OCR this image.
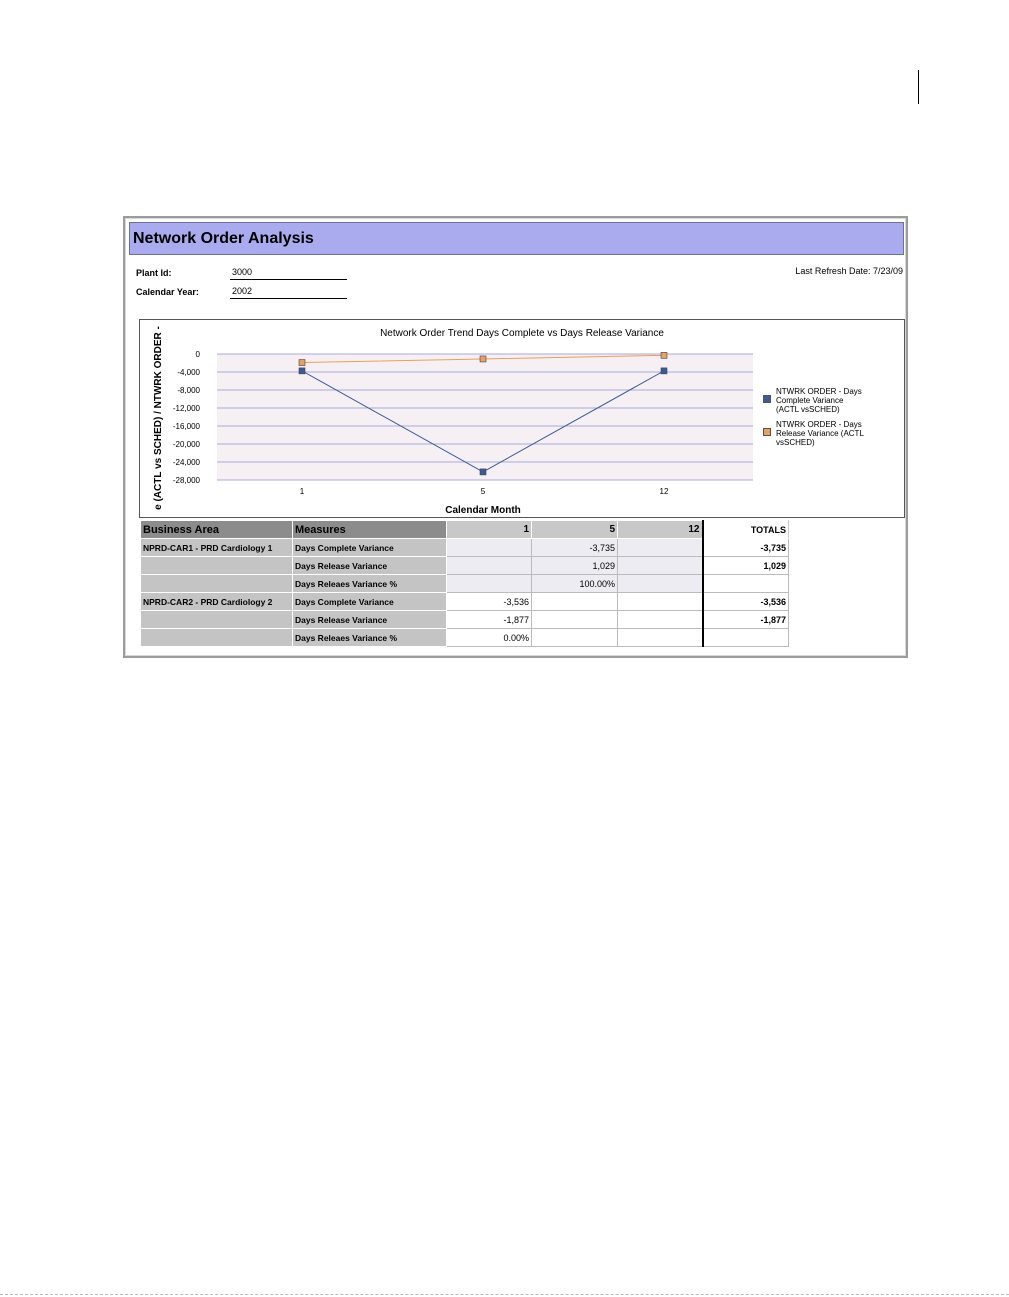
Network Order Analysis
Plant Id:	3000
Calendar Year:	2002
Last Refresh Date: 7/23/09
0
-4,000
-8,000
-12,000
-16,000
-20,000
-24,000
-28,000
1	5	12
Network Order Trend Days Complete vs Days Release Variance
Calendar Month
e (ACTL vs SCHED) / NTWRK ORDER -	NTWRK ORDER - Days
Complete Variance
(ACTL vsSCHED)
NTWRK ORDER - Days
Release Variance (ACTL
vsSCHED)
Business Area	Measures	1	5	12	TOTALS
NPRD-CAR1 - PRD Cardiology 1	Days Complete Variance		-3,735		-3,735
	Days Release Variance		1,029		1,029
	Days Releaes Variance %		100.00%		
NPRD-CAR2 - PRD Cardiology 2	Days Complete Variance	-3,536			-3,536
	Days Release Variance	-1,877			-1,877
	Days Releaes Variance %	0.00%			
